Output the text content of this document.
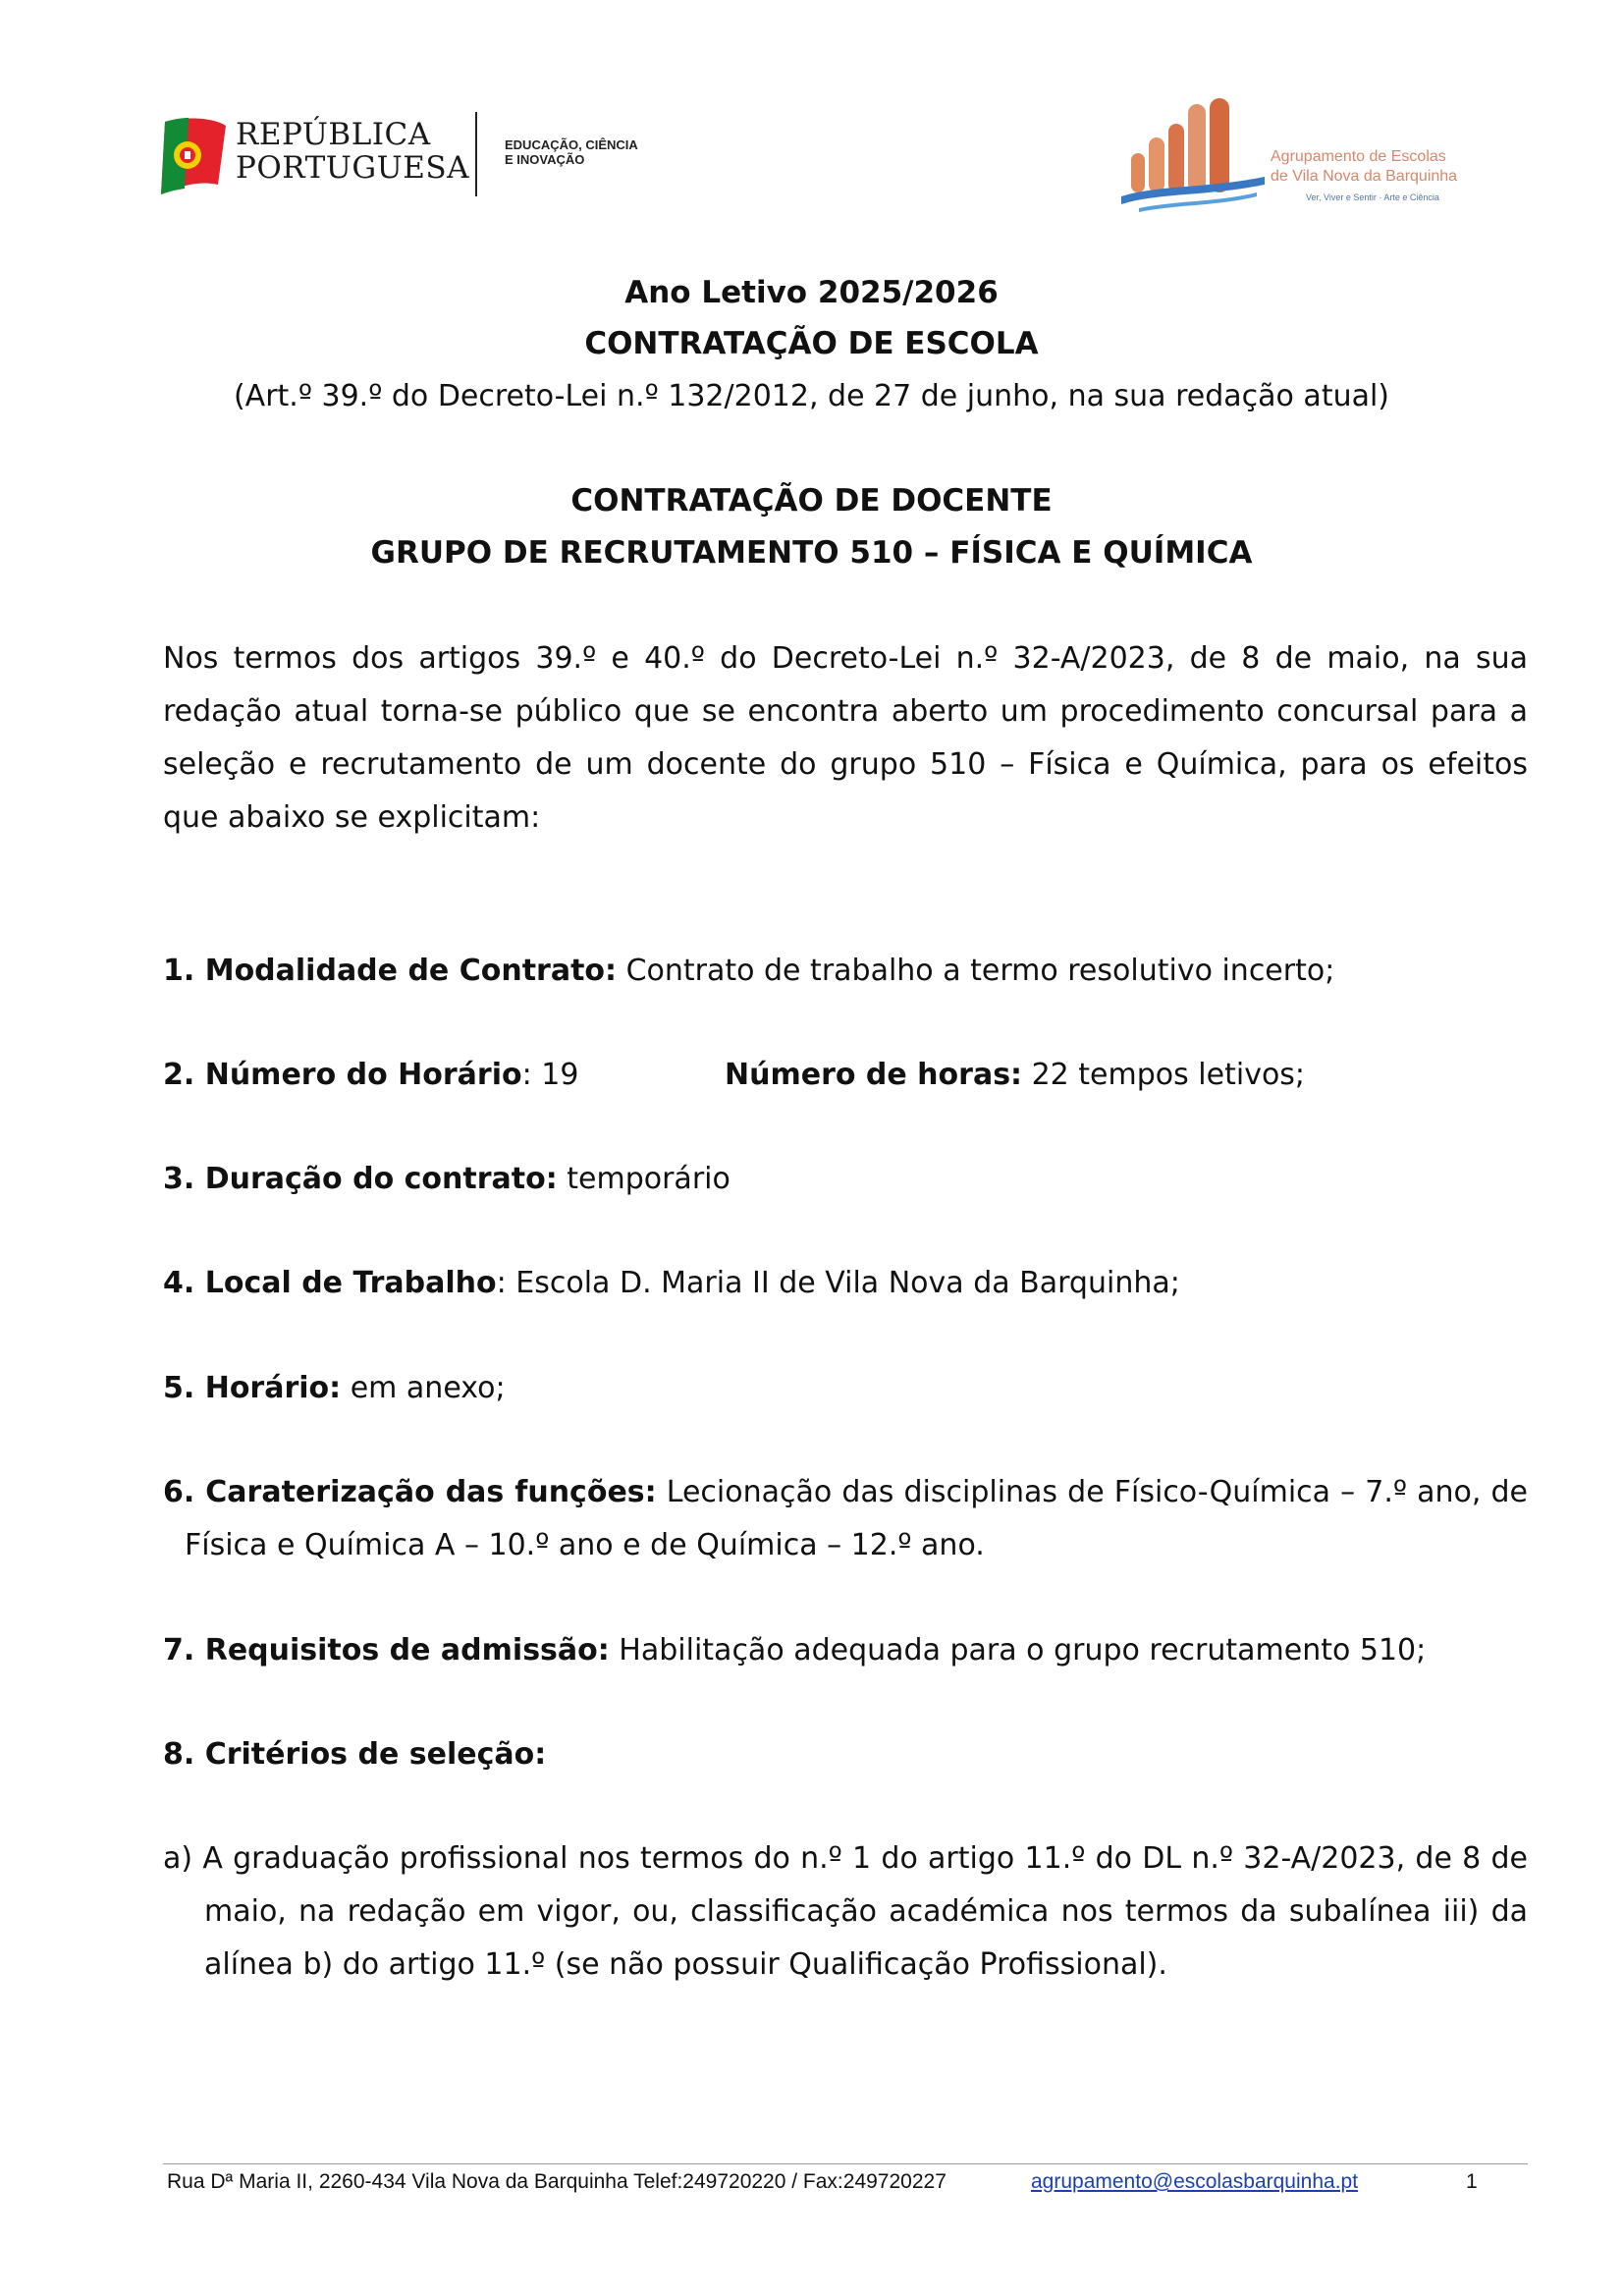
REPÚBLICA
PORTUGUESA
EDUCAÇÃO, CIÊNCIA
E INOVAÇÃO	Agrupamento de Escolas
de Vila Nova da Barquinha
Ver, Viver e Sentir · Arte e Ciência
Ano Letivo 2025/2026
CONTRATAÇÃO DE ESCOLA
(Art.º 39.º do Decreto-Lei n.º 132/2012, de 27 de junho, na sua redação atual)
CONTRATAÇÃO DE DOCENTE
GRUPO DE RECRUTAMENTO 510 – FÍSICA E QUÍMICA
Nos termos dos artigos 39.º e 40.º do Decreto-Lei n.º 32-A/2023, de 8 de maio, na sua redação atual torna-se público que se encontra aberto um procedimento concursal para a seleção e recrutamento de um docente do grupo 510 – Física e Química, para os efeitos que abaixo se explicitam:
1. Modalidade de Contrato: Contrato de trabalho a termo resolutivo incerto;
2. Número do Horário: 19	Número de horas: 22 tempos letivos;
3. Duração do contrato: temporário
4. Local de Trabalho: Escola D. Maria II de Vila Nova da Barquinha;
5. Horário: em anexo;
6. Caraterização das funções: Lecionação das disciplinas de Físico-Química – 7.º ano, de
Física e Química A – 10.º ano e de Química – 12.º ano.
7. Requisitos de admissão: Habilitação adequada para o grupo recrutamento 510;
8. Critérios de seleção:
a) A graduação profissional nos termos do n.º 1 do artigo 11.º do DL n.º 32-A/2023, de 8 de
maio, na redação em vigor, ou, classificação académica nos termos da subalínea iii) da alínea b) do artigo 11.º (se não possuir Qualificação Profissional).
Rua Dª Maria II, 2260-434 Vila Nova da Barquinha Telef:249720220 / Fax:249720227	agrupamento@escolasbarquinha.pt	1
